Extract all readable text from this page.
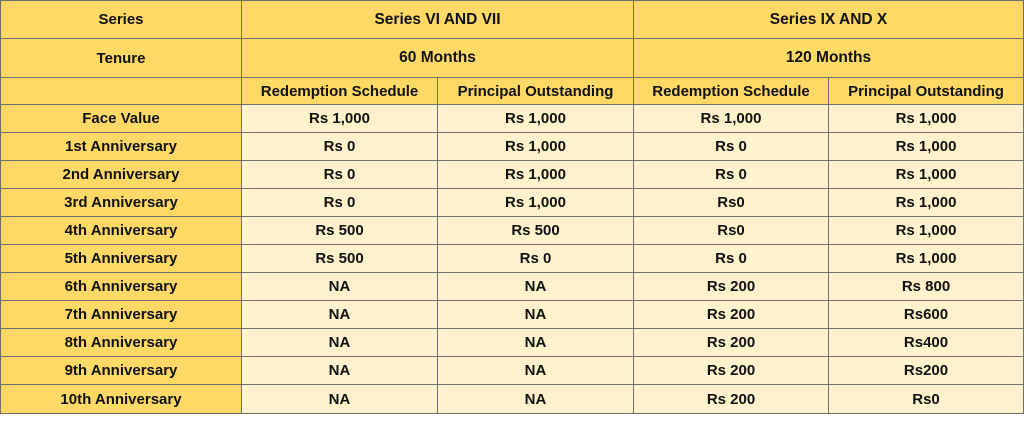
Series	Series VI AND VII		Series IX AND X	
Tenure	60 Months		120 Months	
	Redemption Schedule	Principal Outstanding	Redemption Schedule	Principal Outstanding
Face Value	Rs 1,000	Rs 1,000	Rs 1,000	Rs 1,000
1st Anniversary	Rs 0	Rs 1,000	Rs 0	Rs 1,000
2nd Anniversary	Rs 0	Rs 1,000	Rs 0	Rs 1,000
3rd Anniversary	Rs 0	Rs 1,000	Rs0	Rs 1,000
4th Anniversary	Rs 500	Rs 500	Rs0	Rs 1,000
5th Anniversary	Rs 500	Rs 0	Rs 0	Rs 1,000
6th Anniversary	NA	NA	Rs 200	Rs 800
7th Anniversary	NA	NA	Rs 200	Rs600
8th Anniversary	NA	NA	Rs 200	Rs400
9th Anniversary	NA	NA	Rs 200	Rs200
10th Anniversary	NA	NA	Rs 200	Rs0
